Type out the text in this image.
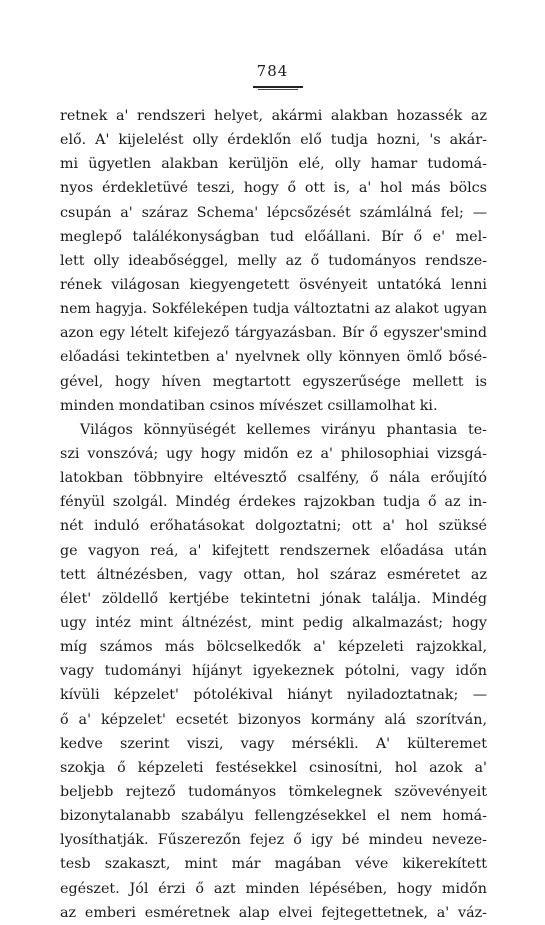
784
retnek a' rendszeri helyet, akármi alakban hozassék az
elő. A' kijelelést olly érdeklőn elő tudja hozni, 's akár-
mi ügyetlen alakban kerüljön elé, olly hamar tudomá-
nyos érdekletüvé teszi, hogy ő ott is, a' hol más bölcs
csupán a' száraz Schema' lépcsőzését számlálná fel; —
meglepő találékonyságban tud előállani. Bír ő e' mel-
lett olly ideabőséggel, melly az ő tudományos rendsze-
rének világosan kiegyengetett ösvényeit untatóká lenni
nem hagyja. Sokféleképen tudja változtatni az alakot ugyan
azon egy lételt kifejező tárgyazásban. Bír ő egyszer'smind
előadási tekintetben a' nyelvnek olly könnyen ömlő bősé-
gével, hogy híven megtartott egyszerűsége mellett is
minden mondatiban csinos mívészet csillamolhat ki.
Világos könnyüségét kellemes virányu phantasia te-
szi vonszóvá; ugy hogy midőn ez a' philosophiai vizsgá-
latokban többnyire eltévesztő csalfény, ő nála erőujító
fényül szolgál. Mindég érdekes rajzokban tudja ő az in-
nét induló erőhatásokat dolgoztatni; ott a' hol szüksé
ge vagyon reá, a' kifejtett rendszernek előadása után
tett áltnézésben, vagy ottan, hol száraz esméretet az
élet' zöldellő kertjébe tekintetni jónak találja. Mindég
ugy intéz mint áltnézést, mint pedig alkalmazást; hogy
míg számos más bölcselkedők a' képzeleti rajzokkal,
vagy tudományi híjányt igyekeznek pótolni, vagy időn
kívüli képzelet' pótolékival hiányt nyiladoztatnak; —
ő a' képzelet' ecsetét bizonyos kormány alá szorítván,
kedve szerint viszi, vagy mérsékli. A' külteremet
szokja ő képzeleti festésekkel csinosítni, hol azok a'
beljebb rejtező tudományos tömkelegnek szövevényeit
bizonytalanabb szabályu fellengzésekkel el nem homá-
lyosíthatják. Fűszerezőn fejez ő igy bé mindeu neveze-
tesb szakaszt, mint már magában véve kikerekített
egészet. Jól érzi ő azt minden lépésében, hogy midőn
az emberi esméretnek alap elvei fejtegettetnek, a' váz-
